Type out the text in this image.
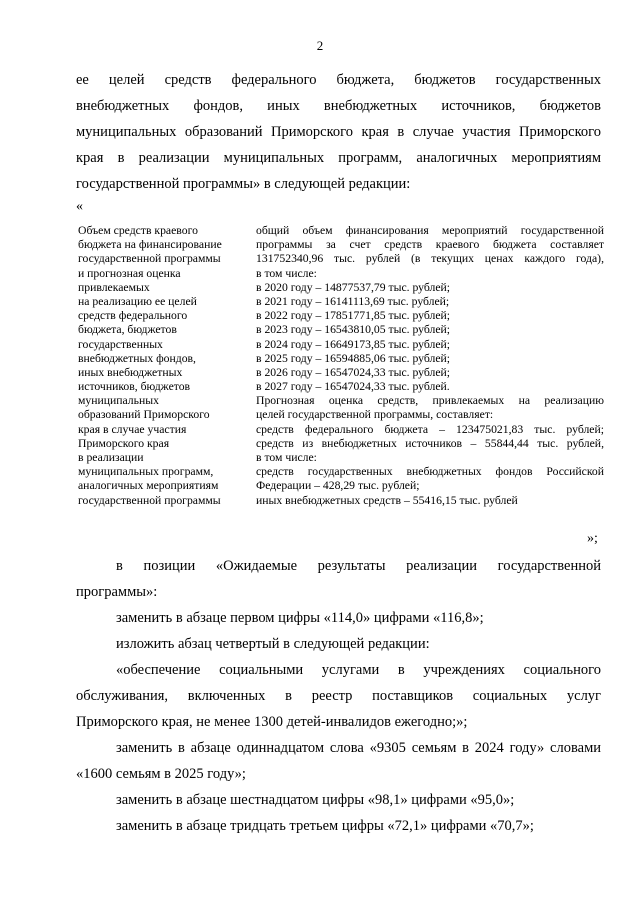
2
ее целей средств федерального бюджета, бюджетов государственных
внебюджетных фондов, иных внебюджетных источников, бюджетов
муниципальных образований Приморского края в случае участия Приморского
края в реализации муниципальных программ, аналогичных мероприятиям
государственной программы» в следующей редакции:
«
Объем средств краевого
бюджета на финансирование
государственной программы
и прогнозная оценка
привлекаемых
на реализацию ее целей
средств федерального
бюджета, бюджетов
государственных
внебюджетных фондов,
иных внебюджетных
источников, бюджетов
муниципальных
образований Приморского
края в случае участия
Приморского края
в реализации
муниципальных программ,
аналогичных мероприятиям
государственной программы
общий объем финансирования мероприятий государственной
программы за счет средств краевого бюджета составляет
131752340,96 тыс. рублей (в текущих ценах каждого года),
в том числе:
в 2020 году – 14877537,79 тыс. рублей;
в 2021 году – 16141113,69 тыс. рублей;
в 2022 году – 17851771,85 тыс. рублей;
в 2023 году – 16543810,05 тыс. рублей;
в 2024 году – 16649173,85 тыс. рублей;
в 2025 году – 16594885,06 тыс. рублей;
в 2026 году – 16547024,33 тыс. рублей;
в 2027 году – 16547024,33 тыс. рублей.
Прогнозная оценка средств, привлекаемых на реализацию
целей государственной программы, составляет:
средств федерального бюджета – 123475021,83 тыс. рублей;
средств из внебюджетных источников – 55844,44 тыс. рублей,
в том числе:
средств государственных внебюджетных фондов Российской
Федерации – 428,29 тыс. рублей;
иных внебюджетных средств – 55416,15 тыс. рублей
»;
в позиции «Ожидаемые результаты реализации государственной
программы»:
заменить в абзаце первом цифры «114,0» цифрами «116,8»;
изложить абзац четвертый в следующей редакции:
«обеспечение социальными услугами в учреждениях социального
обслуживания, включенных в реестр поставщиков социальных услуг
Приморского края, не менее 1300 детей-инвалидов ежегодно;»;
заменить в абзаце одиннадцатом слова «9305 семьям в 2024 году» словами
«1600 семьям в 2025 году»;
заменить в абзаце шестнадцатом цифры «98,1» цифрами «95,0»;
заменить в абзаце тридцать третьем цифры «72,1» цифрами «70,7»;
